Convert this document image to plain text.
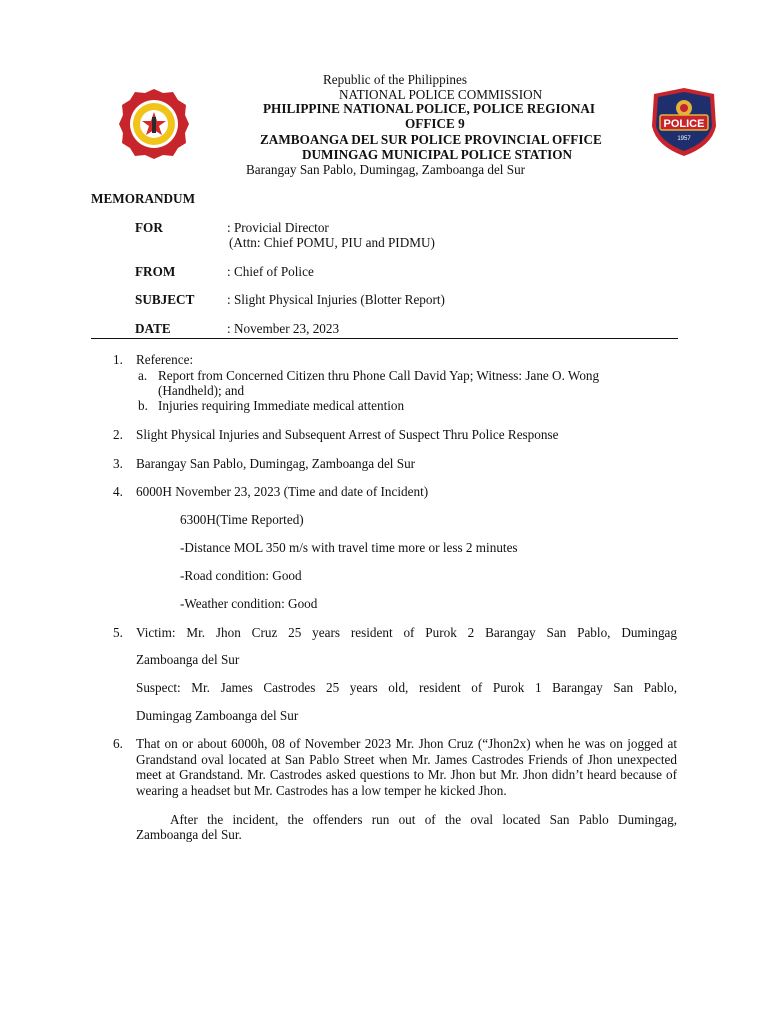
POLICE
1957
Republic of the Philippines
NATIONAL POLICE COMMISSION
PHILIPPINE NATIONAL POLICE, POLICE REGIONAI
OFFICE 9
ZAMBOANGA DEL SUR POLICE PROVINCIAL OFFICE
DUMINGAG MUNICIPAL POLICE STATION
Barangay San Pablo, Dumingag, Zamboanga del Sur
MEMORANDUM
FOR	: Provicial Director
(Attn: Chief POMU, PIU and PIDMU)
FROM	: Chief of Police
SUBJECT : Slight Physical Injuries (Blotter Report)
DATE	: November 23, 2023
1. Reference:
a. Report from Concerned Citizen thru Phone Call David Yap; Witness: Jane O. Wong
(Handheld); and
b. Injuries requiring Immediate medical attention
2. Slight Physical Injuries and Subsequent Arrest of Suspect Thru Police Response
3. Barangay San Pablo, Dumingag, Zamboanga del Sur
4. 6000H November 23, 2023 (Time and date of Incident)
6300H(Time Reported)
-Distance MOL 350 m/s with travel time more or less 2 minutes
-Road condition: Good
-Weather condition: Good
5. Victim: Mr. Jhon Cruz 25 years resident of Purok 2 Barangay San Pablo, Dumingag
Zamboanga del Sur
Suspect: Mr. James Castrodes 25 years old, resident of Purok 1 Barangay San Pablo,
Dumingag Zamboanga del Sur
6. That on or about 6000h, 08 of November 2023 Mr. Jhon Cruz (“Jhon2x) when he was on jogged at Grandstand oval located at San Pablo Street when Mr. James Castrodes Friends of Jhon unexpected meet at Grandstand. Mr. Castrodes asked questions to Mr. Jhon but Mr. Jhon didn’t heard because of wearing a headset but Mr. Castrodes has a low temper he kicked Jhon.
After the incident, the offenders run out of the oval located San Pablo Dumingag,
Zamboanga del Sur.
